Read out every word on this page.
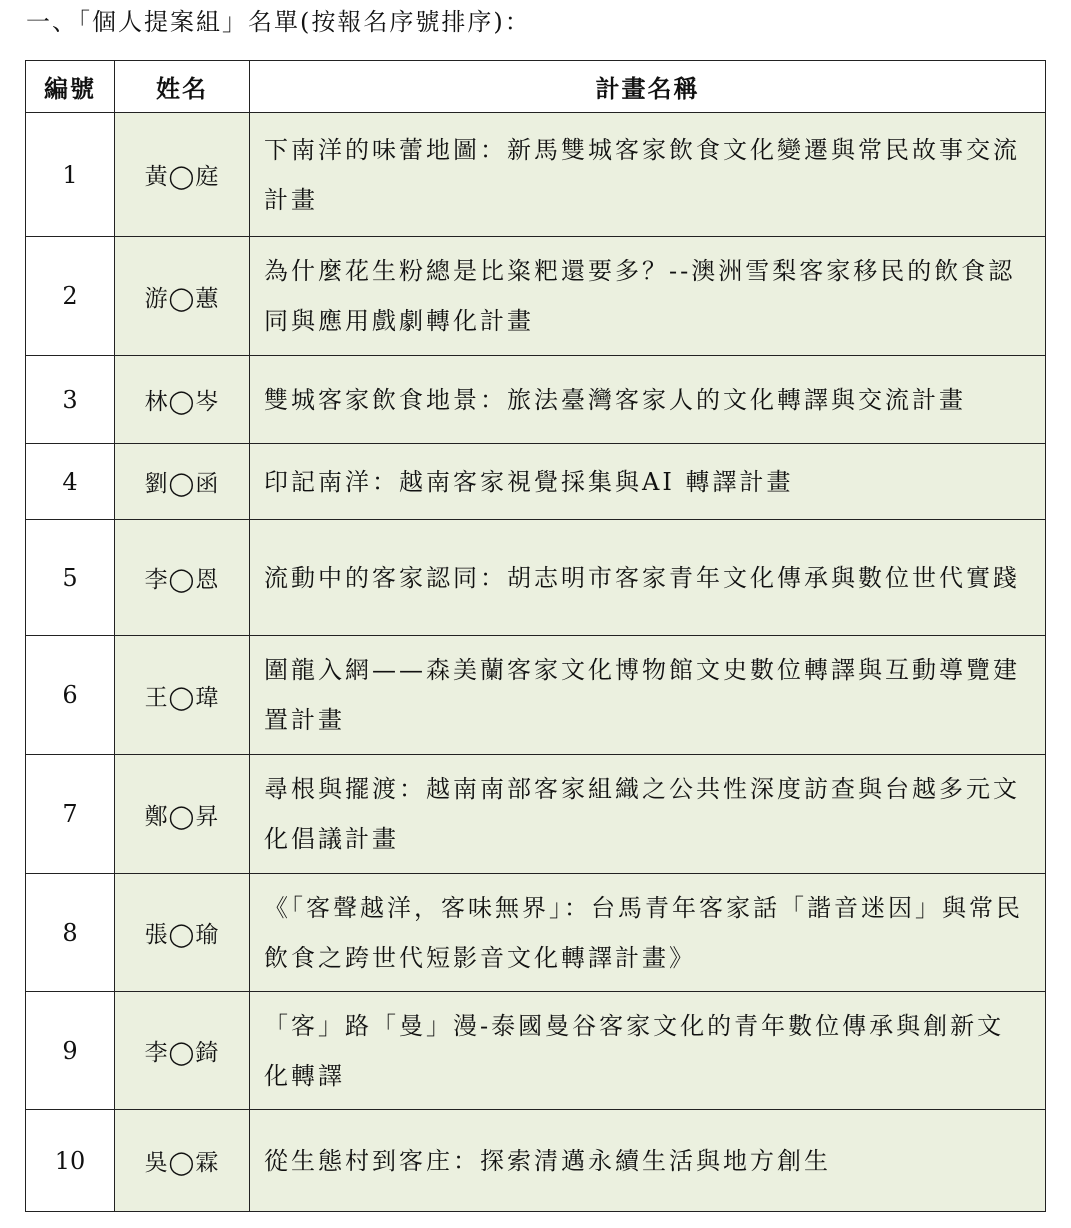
一、「個人提案組」名單(按報名序號排序)：
編號	姓名	計畫名稱
1	黃◯庭	下南洋的味蕾地圖：新馬雙城客家飲食文化變遷與常民故事交流計畫
2	游◯蕙	為什麼花生粉總是比粢粑還要多？--澳洲雪梨客家移民的飲食認同與應用戲劇轉化計畫
3	林◯岑	雙城客家飲食地景：旅法臺灣客家人的文化轉譯與交流計畫
4	劉◯函	印記南洋：越南客家視覺採集與AI 轉譯計畫
5	李◯恩	流動中的客家認同：胡志明市客家青年文化傳承與數位世代實踐
6	王◯瑋	圍龍入網——森美蘭客家文化博物館文史數位轉譯與互動導覽建置計畫
7	鄭◯昇	尋根與擺渡：越南南部客家組織之公共性深度訪查與台越多元文化倡議計畫
8	張◯瑜	《「客聲越洋，客味無界」：台馬青年客家話「諧音迷因」與常民飲食之跨世代短影音文化轉譯計畫》
9	李◯錡	「客」路「曼」漫-泰國曼谷客家文化的青年數位傳承與創新文化轉譯
10	吳◯霖	從生態村到客庄：探索清邁永續生活與地方創生
